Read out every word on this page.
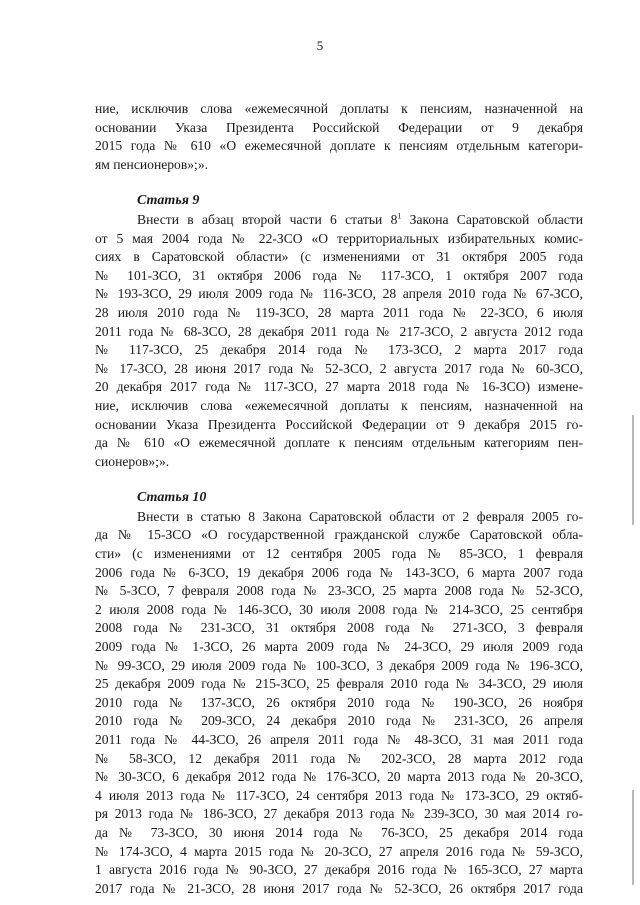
5
ние, исключив слова «ежемесячной доплаты к пенсиям, назначенной на
основании Указа Президента Российской Федерации от 9 декабря
2015 года № 610 «О ежемесячной доплате к пенсиям отдельным категори-
ям пенсионеров»;».
Статья 9
Внести в абзац второй части 6 статьи $8^1$ Закона Саратовской области
от 5 мая 2004 года № 22-ЗСО «О территориальных избирательных комис-
сиях в Саратовской области» (с изменениями от 31 октября 2005 года
№ 101-ЗСО, 31 октября 2006 года № 117-ЗСО, 1 октября 2007 года
№ 193-ЗСО, 29 июля 2009 года № 116-ЗСО, 28 апреля 2010 года № 67-ЗСО,
28 июля 2010 года № 119-ЗСО, 28 марта 2011 года № 22-ЗСО, 6 июля
2011 года № 68-ЗСО, 28 декабря 2011 года № 217-ЗСО, 2 августа 2012 года
№ 117-ЗСО, 25 декабря 2014 года № 173-ЗСО, 2 марта 2017 года
№ 17-ЗСО, 28 июня 2017 года № 52-ЗСО, 2 августа 2017 года № 60-ЗСО,
20 декабря 2017 года № 117-ЗСО, 27 марта 2018 года № 16-ЗСО) измене-
ние, исключив слова «ежемесячной доплаты к пенсиям, назначенной на
основании Указа Президента Российской Федерации от 9 декабря 2015 го-
да № 610 «О ежемесячной доплате к пенсиям отдельным категориям пен-
сионеров»;».
Статья 10
Внести в статью 8 Закона Саратовской области от 2 февраля 2005 го-
да № 15-ЗСО «О государственной гражданской службе Саратовской обла-
сти» (с изменениями от 12 сентября 2005 года № 85-ЗСО, 1 февраля
2006 года № 6-ЗСО, 19 декабря 2006 года № 143-ЗСО, 6 марта 2007 года
№ 5-ЗСО, 7 февраля 2008 года № 23-ЗСО, 25 марта 2008 года № 52-ЗСО,
2 июля 2008 года № 146-ЗСО, 30 июля 2008 года № 214-ЗСО, 25 сентября
2008 года № 231-ЗСО, 31 октября 2008 года № 271-ЗСО, 3 февраля
2009 года № 1-ЗСО, 26 марта 2009 года № 24-ЗСО, 29 июля 2009 года
№ 99-ЗСО, 29 июля 2009 года № 100-ЗСО, 3 декабря 2009 года № 196-ЗСО,
25 декабря 2009 года № 215-ЗСО, 25 февраля 2010 года № 34-ЗСО, 29 июля
2010 года № 137-ЗСО, 26 октября 2010 года № 190-ЗСО, 26 ноября
2010 года № 209-ЗСО, 24 декабря 2010 года № 231-ЗСО, 26 апреля
2011 года № 44-ЗСО, 26 апреля 2011 года № 48-ЗСО, 31 мая 2011 года
№ 58-ЗСО, 12 декабря 2011 года № 202-ЗСО, 28 марта 2012 года
№ 30-ЗСО, 6 декабря 2012 года № 176-ЗСО, 20 марта 2013 года № 20-ЗСО,
4 июля 2013 года № 117-ЗСО, 24 сентября 2013 года № 173-ЗСО, 29 октяб-
ря 2013 года № 186-ЗСО, 27 декабря 2013 года № 239-ЗСО, 30 мая 2014 го-
да № 73-ЗСО, 30 июня 2014 года № 76-ЗСО, 25 декабря 2014 года
№ 174-ЗСО, 4 марта 2015 года № 20-ЗСО, 27 апреля 2016 года № 59-ЗСО,
1 августа 2016 года № 90-ЗСО, 27 декабря 2016 года № 165-ЗСО, 27 марта
2017 года № 21-ЗСО, 28 июня 2017 года № 52-ЗСО, 26 октября 2017 года
